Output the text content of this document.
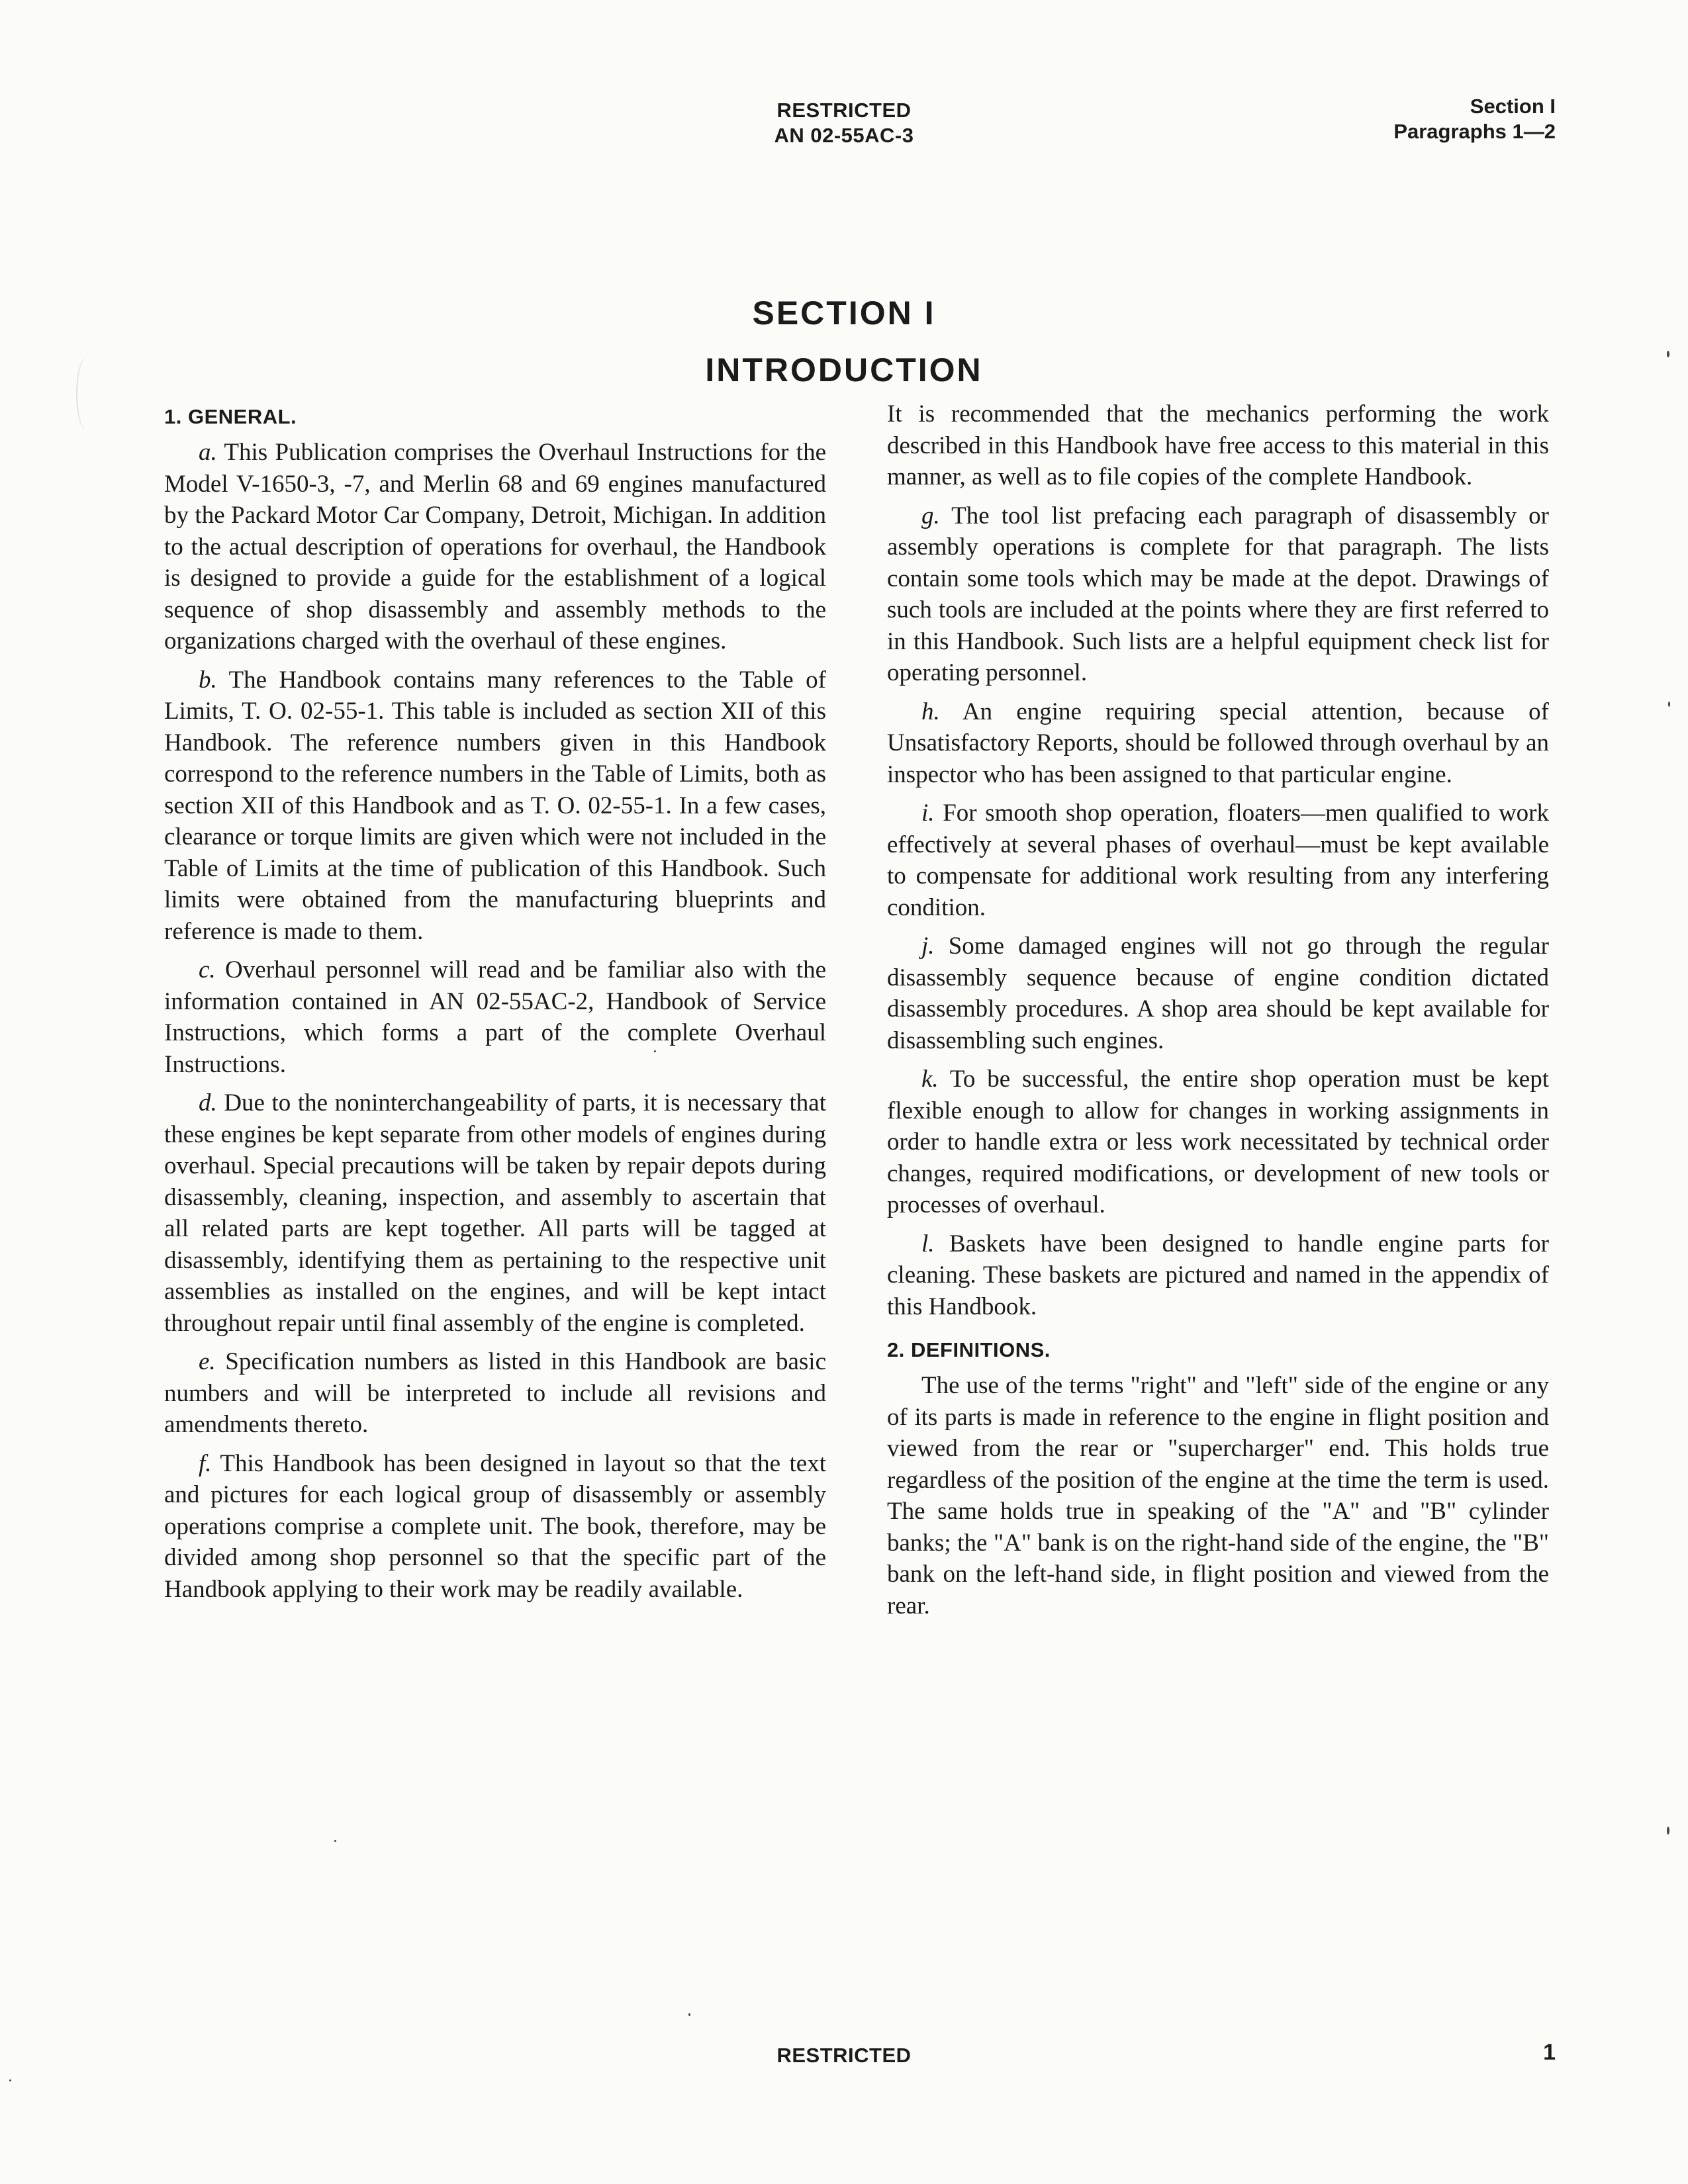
RESTRICTED
AN 02-55AC-3
Section I
Paragraphs 1—2
SECTION I
INTRODUCTION
1. GENERAL.

a. This Publication comprises the Overhaul Instructions for the Model V-1650-3, -7, and Merlin 68 and 69 engines manufactured by the Packard Motor Car Company, Detroit, Michigan. In addition to the actual description of operations for overhaul, the Handbook is designed to provide a guide for the establishment of a logical sequence of shop disassembly and assembly methods to the organizations charged with the overhaul of these engines.

b. The Handbook contains many references to the Table of Limits, T. O. 02-55-1. This table is included as section XII of this Handbook. The reference numbers given in this Handbook correspond to the reference numbers in the Table of Limits, both as section XII of this Handbook and as T. O. 02-55-1. In a few cases, clearance or torque limits are given which were not included in the Table of Limits at the time of publication of this Handbook. Such limits were obtained from the manufacturing blueprints and reference is made to them.

c. Overhaul personnel will read and be familiar also with the information contained in AN 02-55AC-2, Handbook of Service Instructions, which forms a part of the complete Overhaul Instructions.

d. Due to the noninterchangeability of parts, it is necessary that these engines be kept separate from other models of engines during overhaul. Special precautions will be taken by repair depots during disassembly, cleaning, inspection, and assembly to ascertain that all related parts are kept together. All parts will be tagged at disassembly, identifying them as pertaining to the respective unit assemblies as installed on the engines, and will be kept intact throughout repair until final assembly of the engine is completed.

e. Specification numbers as listed in this Handbook are basic numbers and will be interpreted to include all revisions and amendments thereto.

f. This Handbook has been designed in layout so that the text and pictures for each logical group of disassembly or assembly operations comprise a complete unit. The book, therefore, may be divided among shop personnel so that the specific part of the Handbook applying to their work may be readily available.

It is recommended that the mechanics performing the work described in this Handbook have free access to this material in this manner, as well as to file copies of the complete Handbook.

g. The tool list prefacing each paragraph of disassembly or assembly operations is complete for that paragraph. The lists contain some tools which may be made at the depot. Drawings of such tools are included at the points where they are first referred to in this Handbook. Such lists are a helpful equipment check list for operating personnel.

h. An engine requiring special attention, because of Unsatisfactory Reports, should be followed through overhaul by an inspector who has been assigned to that particular engine.

i. For smooth shop operation, floaters—men qualified to work effectively at several phases of overhaul—must be kept available to compensate for additional work resulting from any interfering condition.

j. Some damaged engines will not go through the regular disassembly sequence because of engine condition dictated disassembly procedures. A shop area should be kept available for disassembling such engines.

k. To be successful, the entire shop operation must be kept flexible enough to allow for changes in working assignments in order to handle extra or less work necessitated by technical order changes, required modifications, or development of new tools or processes of overhaul.

l. Baskets have been designed to handle engine parts for cleaning. These baskets are pictured and named in the appendix of this Handbook.

2. DEFINITIONS.

The use of the terms "right" and "left" side of the engine or any of its parts is made in reference to the engine in flight position and viewed from the rear or "supercharger" end. This holds true regardless of the position of the engine at the time the term is used. The same holds true in speaking of the "A" and "B" cylinder banks; the "A" bank is on the right-hand side of the engine, the "B" bank on the left-hand side, in flight position and viewed from the rear.

RESTRICTED	1
